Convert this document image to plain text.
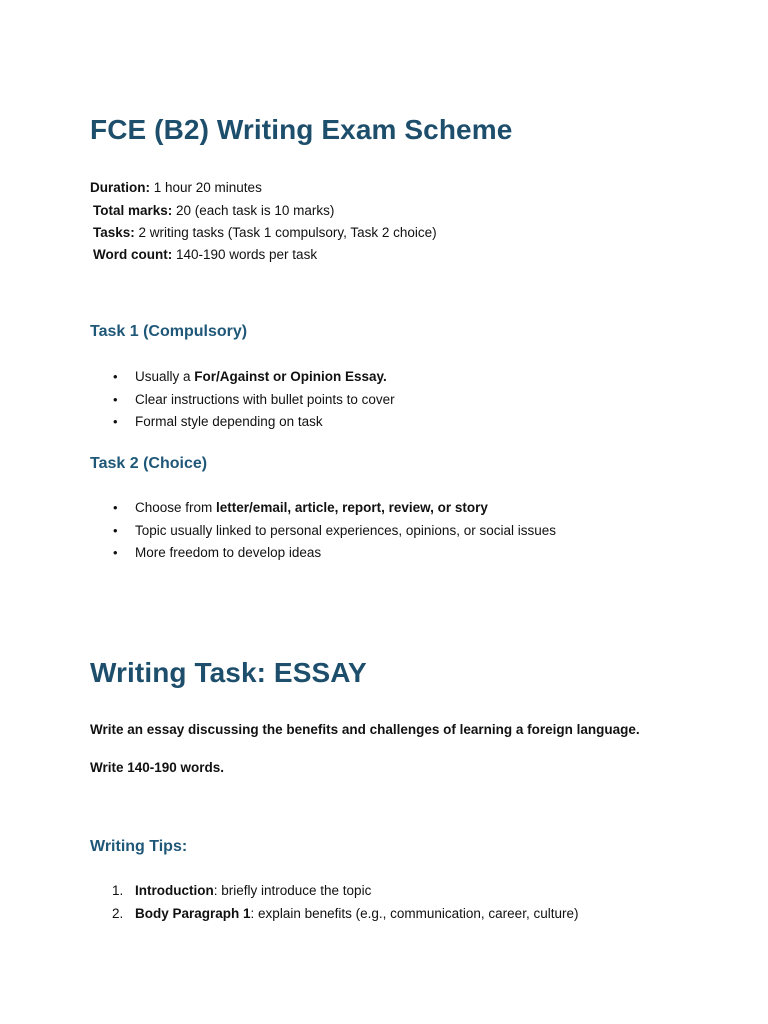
FCE (B2) Writing Exam Scheme
Duration: 1 hour 20 minutes
Total marks: 20 (each task is 10 marks)
Tasks: 2 writing tasks (Task 1 compulsory, Task 2 choice)
Word count: 140-190 words per task
Task 1 (Compulsory)
• Usually a For/Against or Opinion Essay.
• Clear instructions with bullet points to cover
• Formal style depending on task
Task 2 (Choice)
• Choose from letter/email, article, report, review, or story
• Topic usually linked to personal experiences, opinions, or social issues
• More freedom to develop ideas
Writing Task: ESSAY
Write an essay discussing the benefits and challenges of learning a foreign language.
Write 140-190 words.
Writing Tips:
1. Introduction: briefly introduce the topic
2. Body Paragraph 1: explain benefits (e.g., communication, career, culture)
